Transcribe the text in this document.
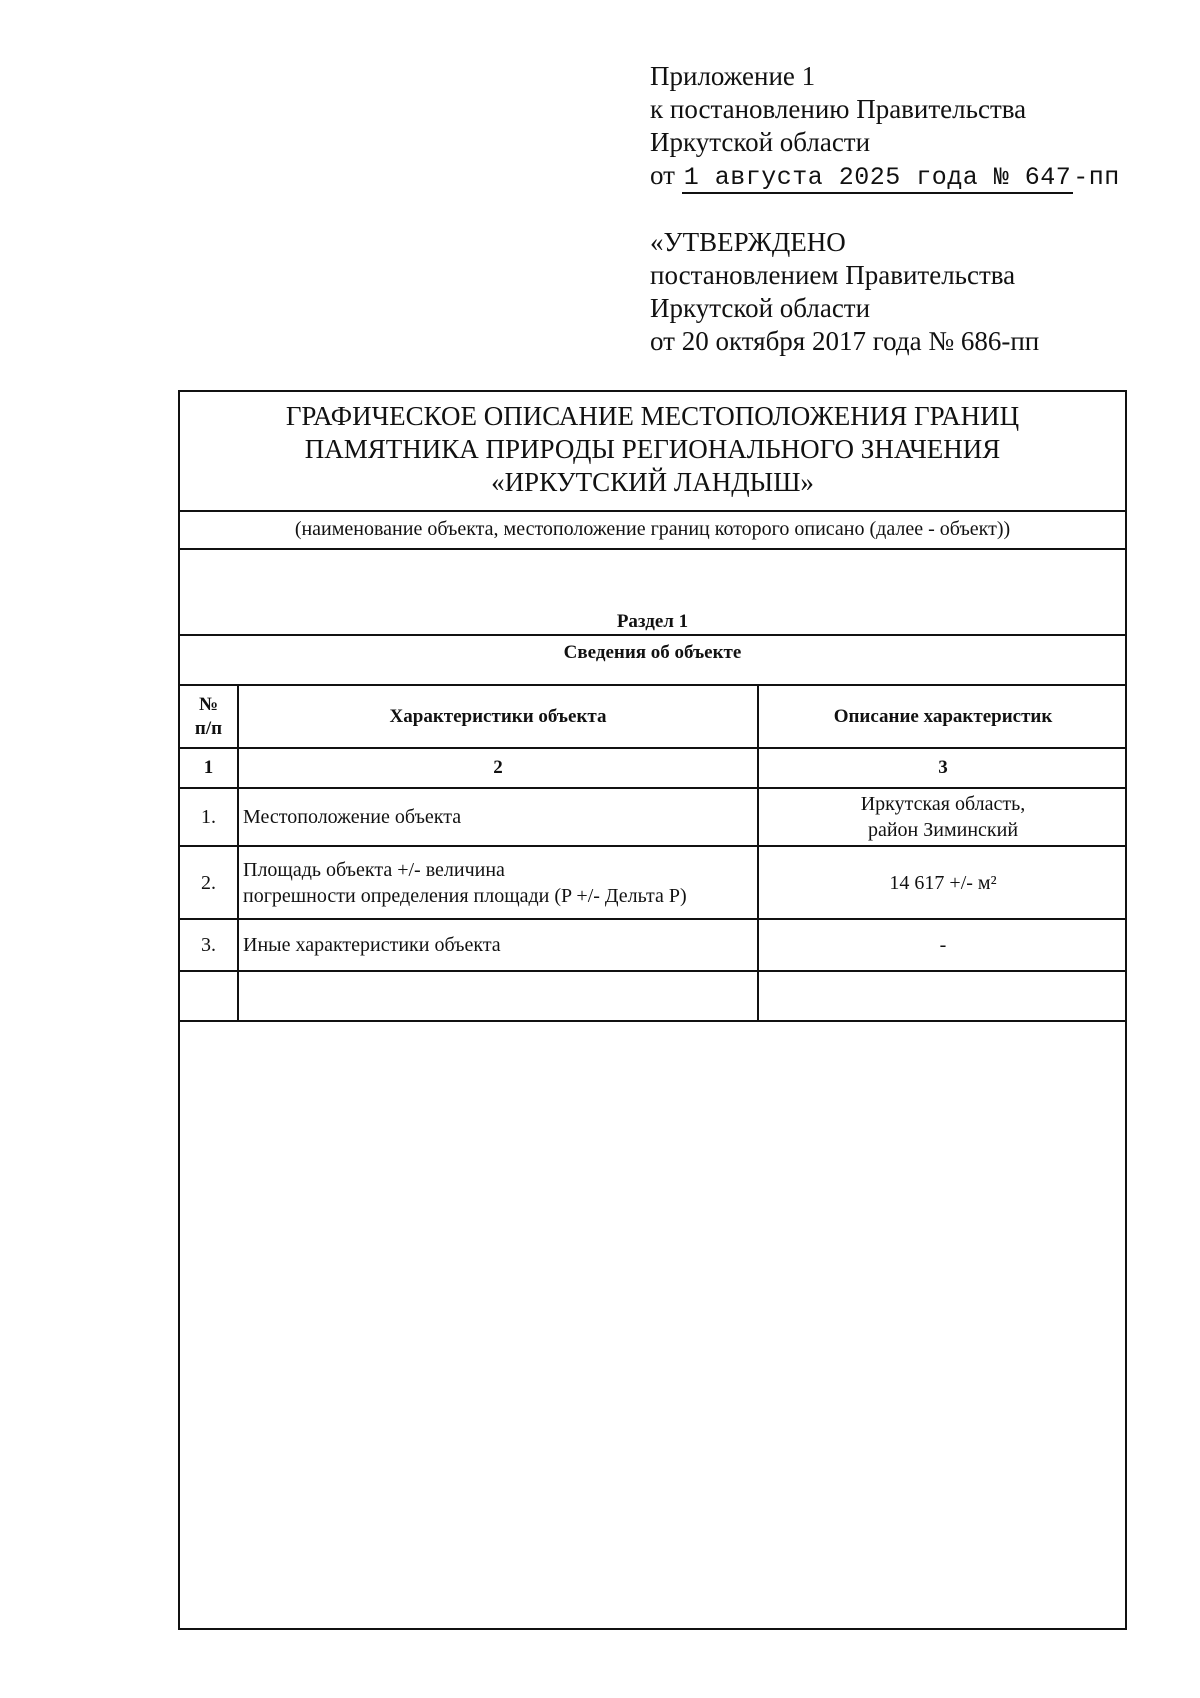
Приложение 1
к постановлению Правительства
Иркутской области
от 1 августа 2025 года № 647-пп
«УТВЕРЖДЕНО
постановлением Правительства
Иркутской области
от 20 октября 2017 года № 686-пп
ГРАФИЧЕСКОЕ ОПИСАНИЕ МЕСТОПОЛОЖЕНИЯ ГРАНИЦ
ПАМЯТНИКА ПРИРОДЫ РЕГИОНАЛЬНОГО ЗНАЧЕНИЯ
«ИРКУТСКИЙ ЛАНДЫШ»
(наименование объекта, местоположение границ которого описано (далее - объект))
Раздел 1
Сведения об объекте
№
п/п	Характеристики объекта	Описание характеристик
1	2	3
1.	Местоположение объекта	Иркутская область,
район Зиминский

2.	Площадь объекта +/- величина
погрешности определения площади (P +/- Дельта P)	14 617 +/- м²
3.	Иные характеристики объекта	-
